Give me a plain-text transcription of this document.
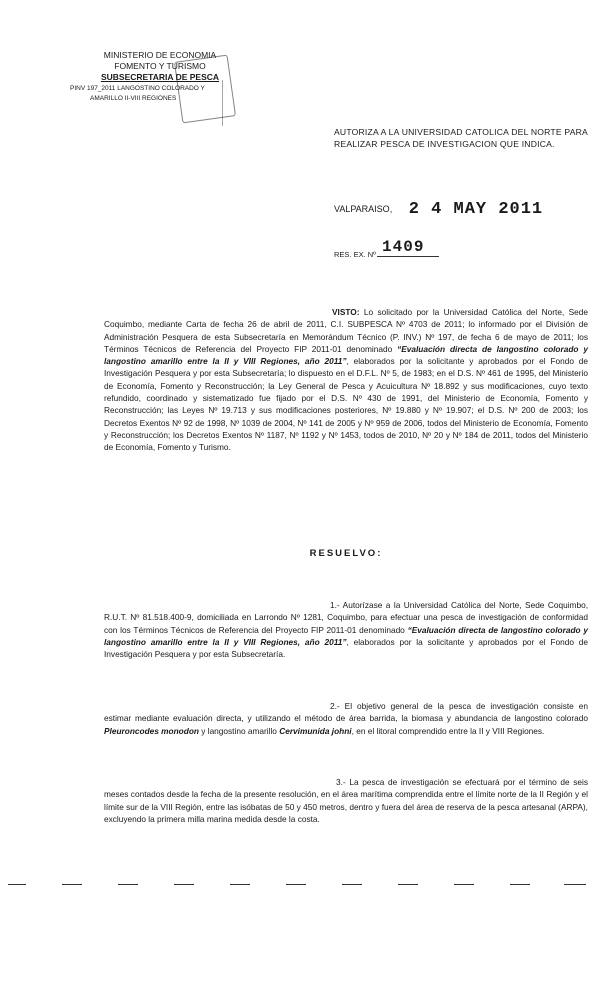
MINISTERIO DE ECONOMIA
FOMENTO Y TURISMO
SUBSECRETARIA DE PESCA
PINV 197_2011 LANGOSTINO COLORADO Y
AMARILLO II-VIII REGIONES
AUTORIZA A LA UNIVERSIDAD CATOLICA DEL NORTE PARA REALIZAR PESCA DE INVESTIGACION QUE INDICA.
VALPARAISO, 2 4 MAY 2011
RES. EX. Nº 1409
VISTO: Lo solicitado por la Universidad Católica del Norte, Sede Coquimbo, mediante Carta de fecha 26 de abril de 2011, C.I. SUBPESCA Nº 4703 de 2011; lo informado por el División de Administración Pesquera de esta Subsecretaría en Memorándum Técnico (P. INV.) Nº 197, de fecha 6 de mayo de 2011; los Términos Técnicos de Referencia del Proyecto FIP 2011-01 denominado “Evaluación directa de langostino colorado y langostino amarillo entre la II y VIII Regiones, año 2011”, elaborados por la solicitante y aprobados por el Fondo de Investigación Pesquera y por esta Subsecretaría; lo dispuesto en el D.F.L. Nº 5, de 1983; en el D.S. Nº 461 de 1995, del Ministerio de Economía, Fomento y Reconstrucción; la Ley General de Pesca y Acuicultura Nº 18.892 y sus modificaciones, cuyo texto refundido, coordinado y sistematizado fue fijado por el D.S. Nº 430 de 1991, del Ministerio de Economía, Fomento y Reconstrucción; las Leyes Nº 19.713 y sus modificaciones posteriores, Nº 19.880 y Nº 19.907; el D.S. Nº 200 de 2003; los Decretos Exentos Nº 92 de 1998, Nº 1039 de 2004, Nº 141 de 2005 y Nº 959 de 2006, todos del Ministerio de Economía, Fomento y Reconstrucción; los Decretos Exentos Nº 1187, Nº 1192 y Nº 1453, todos de 2010, Nº 20 y Nº 184 de 2011, todos del Ministerio de Economía, Fomento y Turismo.
RESUELVO:
1.- Autorízase a la Universidad Católica del Norte, Sede Coquimbo, R.U.T. Nº 81.518.400-9, domiciliada en Larrondo Nº 1281, Coquimbo, para efectuar una pesca de investigación de conformidad con los Términos Técnicos de Referencia del Proyecto FIP 2011-01 denominado “Evaluación directa de langostino colorado y langostino amarillo entre la II y VIII Regiones, año 2011”, elaborados por la solicitante y aprobados por el Fondo de Investigación Pesquera y por esta Subsecretaría.
2.- El objetivo general de la pesca de investigación consiste en estimar mediante evaluación directa, y utilizando el método de área barrida, la biomasa y abundancia de langostino colorado Pleuroncodes monodon y langostino amarillo Cervimunida johni, en el litoral comprendido entre la II y VIII Regiones.
3.- La pesca de investigación se efectuará por el término de seis meses contados desde la fecha de la presente resolución, en el área marítima comprendida entre el límite norte de la II Región y el límite sur de la VIII Región, entre las isóbatas de 50 y 450 metros, dentro y fuera del área de reserva de la pesca artesanal (ARPA), excluyendo la primera milla marina medida desde la costa.
